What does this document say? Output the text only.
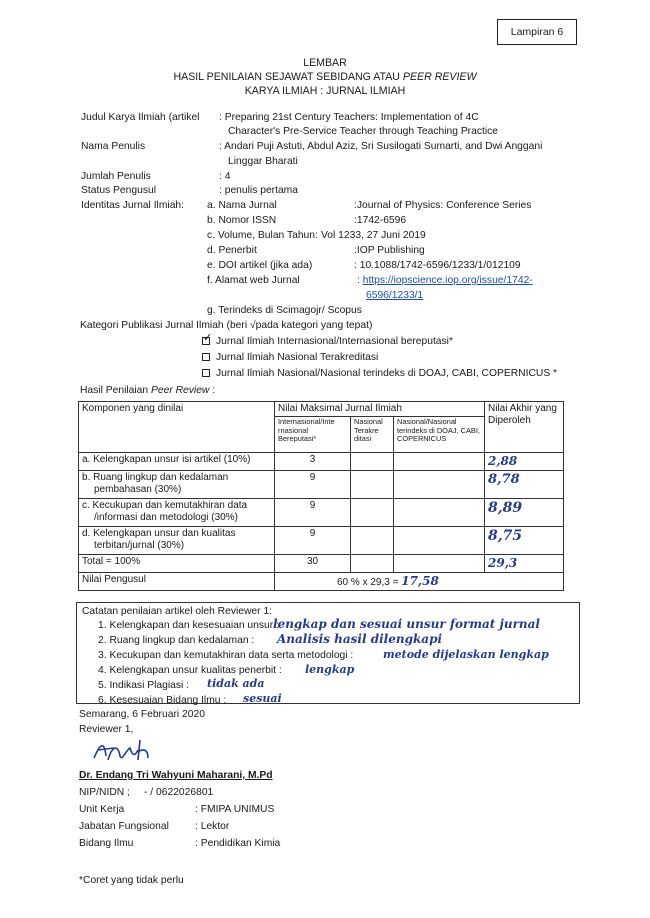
Lampiran 6
LEMBAR
HASIL PENILAIAN SEJAWAT SEBIDANG ATAU PEER REVIEW
KARYA ILMIAH : JURNAL ILMIAH
Judul Karya Ilmiah (artikel : Preparing 21st Century Teachers: Implementation of 4C
Character's Pre-Service Teacher through Teaching Practice
Nama Penulis	: Andari Puji Astuti, Abdul Aziz, Sri Susilogati Sumarti, and Dwi Anggani
Linggar Bharati
Jumlah Penulis	: 4
Status Pengusul	: penulis pertama
Identitas Jurnal Ilmiah: a. Nama Jurnal	:Journal of Physics: Conference Series
b. Nomor ISSN	:1742-6596
c. Volume, Bulan Tahun: Vol 1233, 27 Juni 2019
d. Penerbit	:IOP Publishing
e. DOI artikel (jika ada)	: 10.1088/1742-6596/1233/1/012109
f. Alamat web Jurnal	: https://iopscience.iop.org/issue/1742-
6596/1233/1
g. Terindeks di Scimagojr/ Scopus
Kategori Publikasi Jurnal Ilmiah (beri √pada kategori yang tepat)
✓Jurnal Ilmiah Internasional/Internasional bereputasi*
Jurnal Ilmiah Nasional Terakreditasi
Jurnal Ilmiah Nasional/Nasional terindeks di DOAJ, CABI, COPERNICUS *
Hasil Penilaian Peer Review :
Komponen yang dinilai	Nilai Maksimal Jurnal Ilmiah			Nilai Akhir yang Diperoleh
	Internasional/Inte rnasional Bereputasi*	Nasional Terakre ditasi	Nasional/Nasional terindeks di DOAJ, CABI, COPERNICUS	
a. Kelengkapan unsur isi artikel (10%)	3			2,88

b. Ruang lingkup dan kedalaman
pembahasan (30%)	9			8,78

c. Kecukupan dan kemutakhiran data
/informasi dan metodologi (30%)	9			8,89

d. Kelengkapan unsur dan kualitas
terbitan/jurnal (30%)	9			8,75
Total = 100%	30			29,3
Nilai Pengusul	60 % x 29,3 = 17,58			
Catatan penilaian artikel oleh Reviewer 1:
1. Kelengkapan dan kesesuaian unsur :
lengkap dan sesuai unsur format jurnal
2. Ruang lingkup dan kedalaman : Analisis hasil dilengkapi
3. Kecukupan dan kemutakhiran data serta metodologi :	metode dijelaskan lengkap
4. Kelengkapan unsur kualitas penerbit : lengkap
5. Indikasi Plagiasi : tidak ada
6. Kesesuaian Bidang Ilmu : sesuai
Semarang, 6 Februari 2020
Reviewer 1,
Dr. Endang Tri Wahyuni Maharani, M.Pd
NIP/NIDN ; - / 0622026801
Unit Kerja	: FMIPA UNIMUS
Jabatan Fungsional	: Lektor
Bidang Ilmu	: Pendidikan Kimia
*Coret yang tidak perlu
